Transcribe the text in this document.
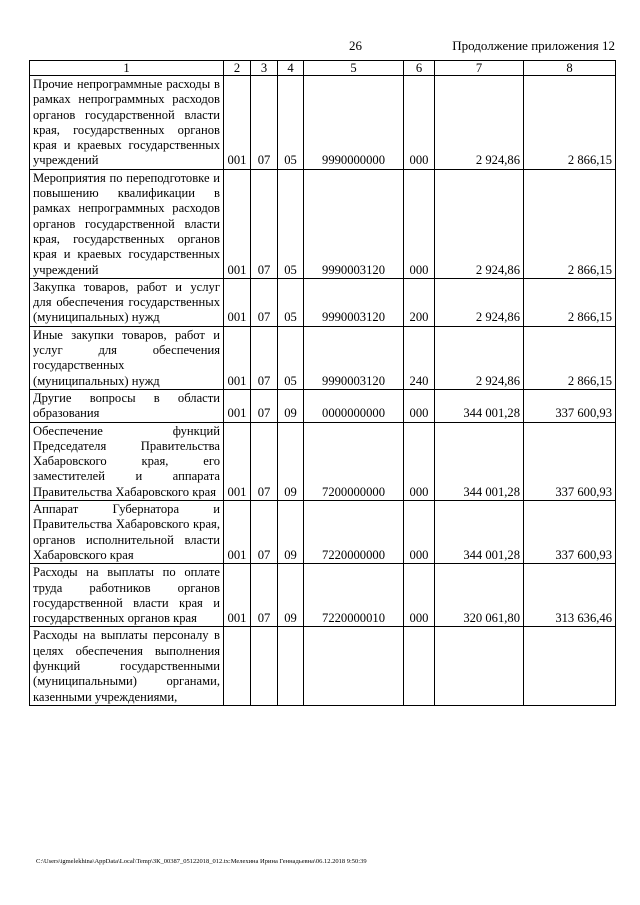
26	Продолжение приложения 12
1	2	3	4	5	6	7	8
Прочие непрограммные расходы в рамках непрограммных расходов органов государственной власти края, государственных органов края и краевых государственных учреждений	001	07	05	9990000000	000	2 924,86	2 866,15
Мероприятия по переподготовке и повышению квалификации в рамках непрограммных расходов органов государственной власти края, государственных органов края и краевых государственных учреждений	001	07	05	9990003120	000	2 924,86	2 866,15
Закупка товаров, работ и услуг для обеспечения государственных (муниципальных) нужд	001	07	05	9990003120	200	2 924,86	2 866,15
Иные закупки товаров, работ и услуг для обеспечения государственных (муниципальных) нужд	001	07	05	9990003120	240	2 924,86	2 866,15
Другие вопросы в области образования	001	07	09	0000000000	000	344 001,28	337 600,93
Обеспечение функций Председателя Правительства Хабаровского края, его заместителей и аппарата Правительства Хабаровского края	001	07	09	7200000000	000	344 001,28	337 600,93
Аппарат Губернатора и Правительства Хабаровского края, органов исполнительной власти Хабаровского края	001	07	09	7220000000	000	344 001,28	337 600,93
Расходы на выплаты по оплате труда работников органов государственной власти края и государственных органов края	001	07	09	7220000010	000	320 061,80	313 636,46
Расходы на выплаты персоналу в целях обеспечения выполнения функций государственными (муниципальными) органами, казенными учреждениями,							
C:\Users\igmelekhina\AppData\Local\Temp\ЗК_00387_05122018_012.tx:Мелехина Ирина Геннадьевна\06.12.2018 9:50:39
